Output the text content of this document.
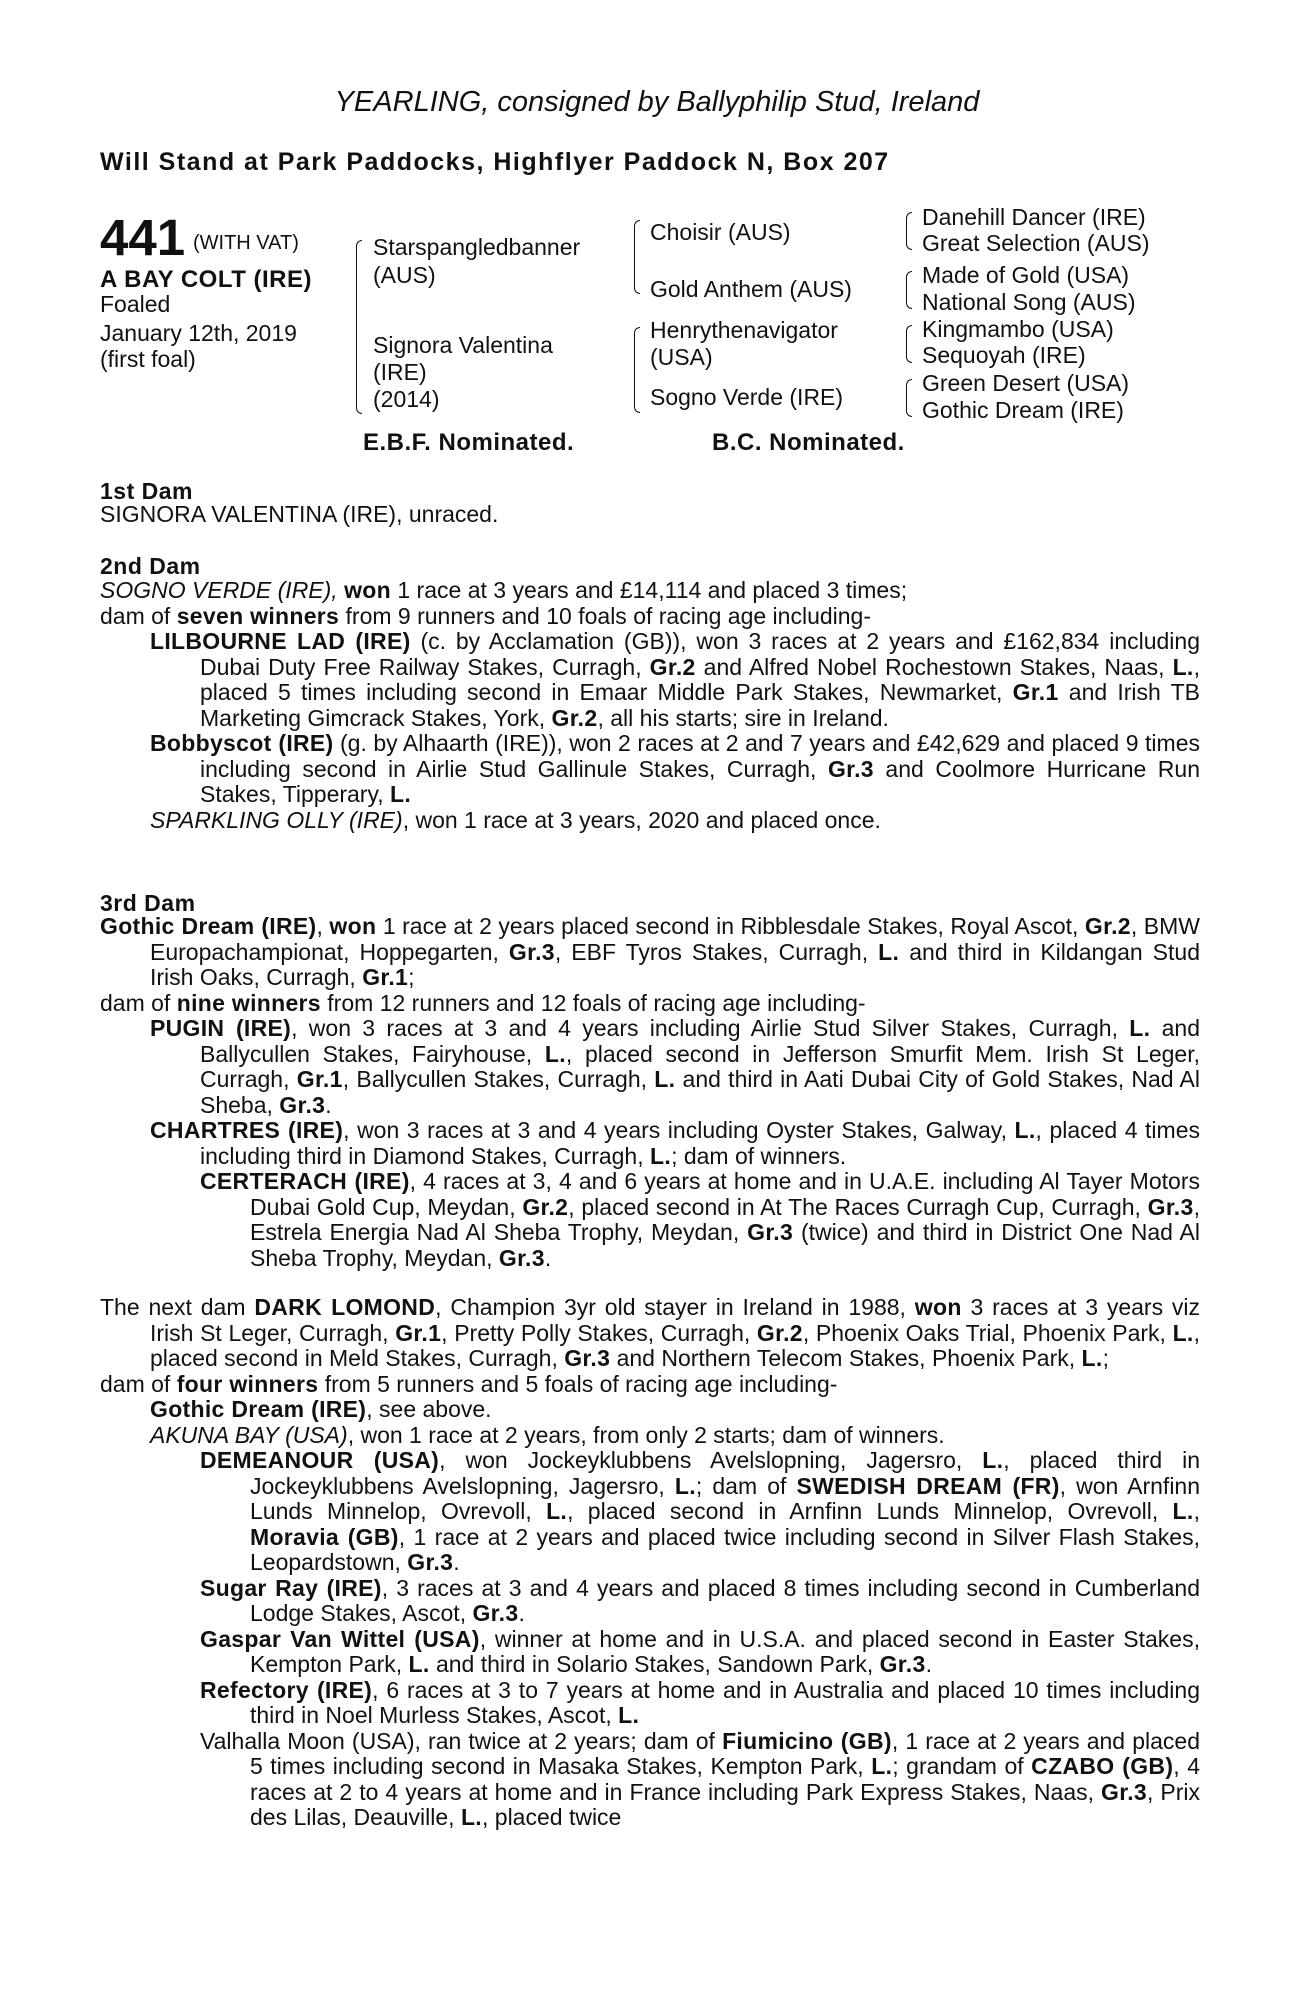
YEARLING, consigned by Ballyphilip Stud, Ireland
Will Stand at Park Paddocks, Highflyer Paddock N, Box 207
441 (WITH VAT)
A BAY COLT (IRE)
Foaled
January 12th, 2019
(first foal)
Starspangledbanner
(AUS)
Signora Valentina
(IRE)
(2014)
Choisir (AUS)
Gold Anthem (AUS)
Henrythenavigator
(USA)
Sogno Verde (IRE)
Danehill Dancer (IRE)
Great Selection (AUS)
Made of Gold (USA)
National Song (AUS)
Kingmambo (USA)
Sequoyah (IRE)
Green Desert (USA)
Gothic Dream (IRE)
E.B.F. Nominated.	B.C. Nominated.
1st Dam
SIGNORA VALENTINA (IRE), unraced.
2nd Dam
SOGNO VERDE (IRE), won 1 race at 3 years and £14,114 and placed 3 times;
dam of seven winners from 9 runners and 10 foals of racing age including-
LILBOURNE LAD (IRE) (c. by Acclamation (GB)), won 3 races at 2 years and £162,834 including Dubai Duty Free Railway Stakes, Curragh, Gr.2 and Alfred Nobel Rochestown Stakes, Naas, L., placed 5 times including second in Emaar Middle Park Stakes, Newmarket, Gr.1 and Irish TB Marketing Gimcrack Stakes, York, Gr.2, all his starts; sire in Ireland.
Bobbyscot (IRE) (g. by Alhaarth (IRE)), won 2 races at 2 and 7 years and £42,629 and placed 9 times including second in Airlie Stud Gallinule Stakes, Curragh, Gr.3 and Coolmore Hurricane Run Stakes, Tipperary, L.
SPARKLING OLLY (IRE), won 1 race at 3 years, 2020 and placed once.
3rd Dam
Gothic Dream (IRE), won 1 race at 2 years placed second in Ribblesdale Stakes, Royal Ascot, Gr.2, BMW Europachampionat, Hoppegarten, Gr.3, EBF Tyros Stakes, Curragh, L. and third in Kildangan Stud Irish Oaks, Curragh, Gr.1;
dam of nine winners from 12 runners and 12 foals of racing age including-
PUGIN (IRE), won 3 races at 3 and 4 years including Airlie Stud Silver Stakes, Curragh, L. and Ballycullen Stakes, Fairyhouse, L., placed second in Jefferson Smurfit Mem. Irish St Leger, Curragh, Gr.1, Ballycullen Stakes, Curragh, L. and third in Aati Dubai City of Gold Stakes, Nad Al Sheba, Gr.3.
CHARTRES (IRE), won 3 races at 3 and 4 years including Oyster Stakes, Galway, L., placed 4 times including third in Diamond Stakes, Curragh, L.; dam of winners.
CERTERACH (IRE), 4 races at 3, 4 and 6 years at home and in U.A.E. including Al Tayer Motors Dubai Gold Cup, Meydan, Gr.2, placed second in At The Races Curragh Cup, Curragh, Gr.3, Estrela Energia Nad Al Sheba Trophy, Meydan, Gr.3 (twice) and third in District One Nad Al Sheba Trophy, Meydan, Gr.3.
The next dam DARK LOMOND, Champion 3yr old stayer in Ireland in 1988, won 3 races at 3 years viz Irish St Leger, Curragh, Gr.1, Pretty Polly Stakes, Curragh, Gr.2, Phoenix Oaks Trial, Phoenix Park, L., placed second in Meld Stakes, Curragh, Gr.3 and Northern Telecom Stakes, Phoenix Park, L.;
dam of four winners from 5 runners and 5 foals of racing age including-
Gothic Dream (IRE), see above.
AKUNA BAY (USA), won 1 race at 2 years, from only 2 starts; dam of winners.
DEMEANOUR (USA), won Jockeyklubbens Avelslopning, Jagersro, L., placed third in Jockeyklubbens Avelslopning, Jagersro, L.; dam of SWEDISH DREAM (FR), won Arnfinn Lunds Minnelop, Ovrevoll, L., placed second in Arnfinn Lunds Minnelop, Ovrevoll, L., Moravia (GB), 1 race at 2 years and placed twice including second in Silver Flash Stakes, Leopardstown, Gr.3.
Sugar Ray (IRE), 3 races at 3 and 4 years and placed 8 times including second in Cumberland Lodge Stakes, Ascot, Gr.3.
Gaspar Van Wittel (USA), winner at home and in U.S.A. and placed second in Easter Stakes, Kempton Park, L. and third in Solario Stakes, Sandown Park, Gr.3.
Refectory (IRE), 6 races at 3 to 7 years at home and in Australia and placed 10 times including third in Noel Murless Stakes, Ascot, L.
Valhalla Moon (USA), ran twice at 2 years; dam of Fiumicino (GB), 1 race at 2 years and placed 5 times including second in Masaka Stakes, Kempton Park, L.; grandam of CZABO (GB), 4 races at 2 to 4 years at home and in France including Park Express Stakes, Naas, Gr.3, Prix des Lilas, Deauville, L., placed twice
